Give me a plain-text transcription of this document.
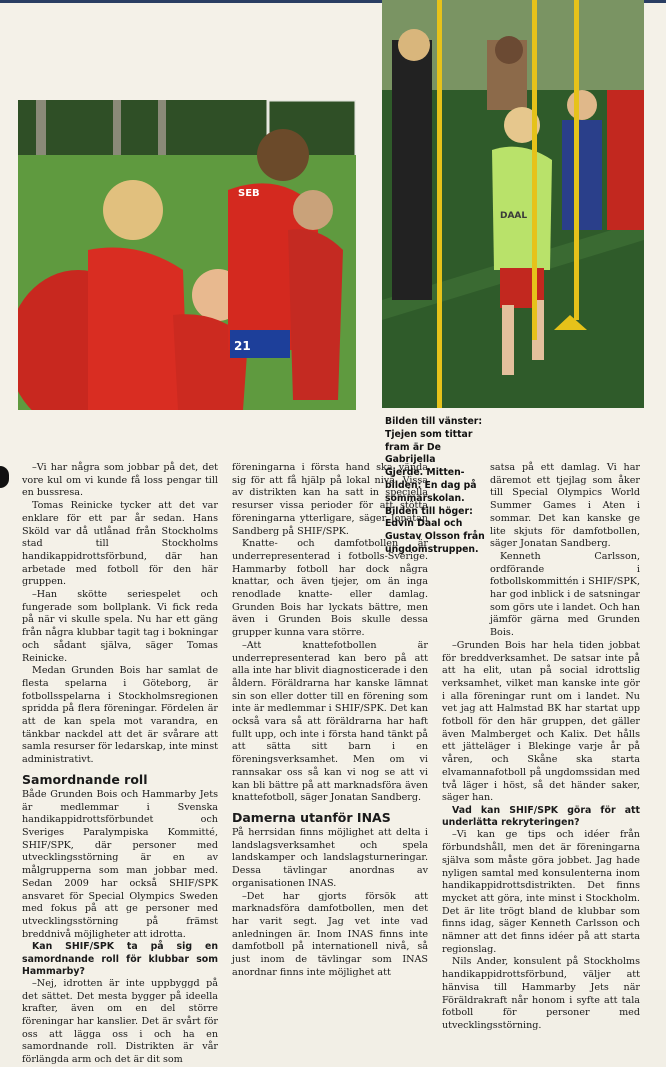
SEB
21
DAAL

Bilden till vänster:

Tjejen som tittar

fram är De Gabrijella

Gjerde. Mitten-

bilden: En dag på

sommarskolan.

Bilden till höger:

Edvin Daal och

Gustav Olsson från

ungdomstruppen.

–Vi har några som jobbar på det, det vore kul om vi kunde få loss pengar till en bussresa.

Tomas Reinicke tycker att det var enklare för ett par år sedan. Hans Sköld var då utlånad från Stockholms stad till Stockholms handikappidrottsförbund, där han arbetade med fotboll för den här gruppen.

–Han skötte seriespelet och fungerade som bollplank. Vi fick reda på när vi skulle spela. Nu har ett gäng från några klubbar tagit tag i bokningar och sådant själva, säger Tomas Reinicke.

Medan Grunden Bois har samlat de flesta spelarna i Göteborg, är fotbollsspelarna i Stockholmsregionen spridda på flera föreningar. Fördelen är att de kan spela mot varandra, en tänkbar nackdel att det är svårare att samla resurser för ledarskap, inte minst administrativt.

Samordnande roll

Både Grunden Bois och Hammarby Jets är medlemmar i Svenska handikappidrottsförbundet och Sveriges Paralympiska Kommitté, SHIF/SPK, där personer med utvecklingsstörning är en av målgrupperna som man jobbar med. Sedan 2009 har också SHIF/SPK ansvaret för Special Olympics Sweden med fokus på att ge personer med utvecklingsstörning på främst breddnivå möjligheter att idrotta.

Kan SHIF/SPK ta på sig en samordnande roll för klubbar som Hammarby?

–Nej, idrotten är inte uppbyggd på det sättet. Det mesta bygger på ideella krafter, även om en del större föreningar har kanslier. Det är svårt för oss att lägga oss i och ha en samordnande roll. Distrikten är vår förlängda arm och det är dit som

föreningarna i första hand ska vända sig för att få hjälp på lokal nivå. Vissa av distrikten kan ha satt in speciella resurser vissa perioder för att stötta föreningarna ytterligare, säger Jonatan Sandberg på SHIF/SPK.

Knatte- och damfotbollen är underrepresenterad i fotbolls-Sverige. Hammarby fotboll har dock några knattar, och även tjejer, om än inga renodlade knatte- eller damlag. Grunden Bois har lyckats bättre, men även i Grunden Bois skulle dessa grupper kunna vara större.

–Att knattefotbollen är underrepresenterad kan bero på att alla inte har blivit diagnosticerade i den åldern. Föräldrarna har kanske lämnat sin son eller dotter till en förening som inte är medlemmar i SHIF/SPK. Det kan också vara så att föräldrarna har haft fullt upp, och inte i första hand tänkt på att sätta sitt barn i en föreningsverksamhet. Men om vi rannsakar oss så kan vi nog se att vi kan bli bättre på att marknadsföra även knattefotboll, säger Jonatan Sandberg.

Damerna utanför INAS

På herrsidan finns möjlighet att delta i landslagsverksamhet och spela landskamper och landslagsturneringar. Dessa tävlingar anordnas av organisationen INAS.

–Det har gjorts försök att marknadsföra damfotbollen, men det har varit segt. Jag vet inte vad anledningen är. Inom INAS finns inte damfotboll på internationell nivå, så just inom de tävlingar som INAS anordnar finns inte möjlighet att

satsa på ett damlag. Vi har däremot ett tjejlag som åker till Special Olympics World Summer Games i Aten i sommar. Det kan kanske ge lite skjuts för damfotbollen, säger Jonatan Sandberg.

Kenneth Carlsson, ordförande i fotbollskommittén i SHIF/SPK, har god inblick i de satsningar som görs ute i landet. Och han jämför gärna med Grunden Bois.

–Grunden Bois har hela tiden jobbat för breddverksamhet. De satsar inte på att ha elit, utan på social idrottslig verksamhet, vilket man kanske inte gör i alla föreningar runt om i landet. Nu vet jag att Halmstad BK har startat upp fotboll för den här gruppen, det gäller även Malmberget och Kalix. Det hålls ett jätteläger i Blekinge varje år på våren, och Skåne ska starta elvamannafotboll på ungdomssidan med två läger i höst, så det händer saker, säger han.

Vad kan SHIF/SPK göra för att underlätta rekryteringen?

–Vi kan ge tips och idéer från förbundshåll, men det är föreningarna själva som måste göra jobbet. Jag hade nyligen samtal med konsulenterna inom handikappidrottsdistrikten. Det finns mycket att göra, inte minst i Stockholm. Det är lite trögt bland de klubbar som finns idag, säger Kenneth Carlsson och nämner att det finns idéer på att starta regionslag.

Nils Ander, konsulent på Stockholms handikappidrottsförbund, väljer att hänvisa till Hammarby Jets när Föräldrakraft når honom i syfte att tala fotboll för personer med utvecklingsstörning.
